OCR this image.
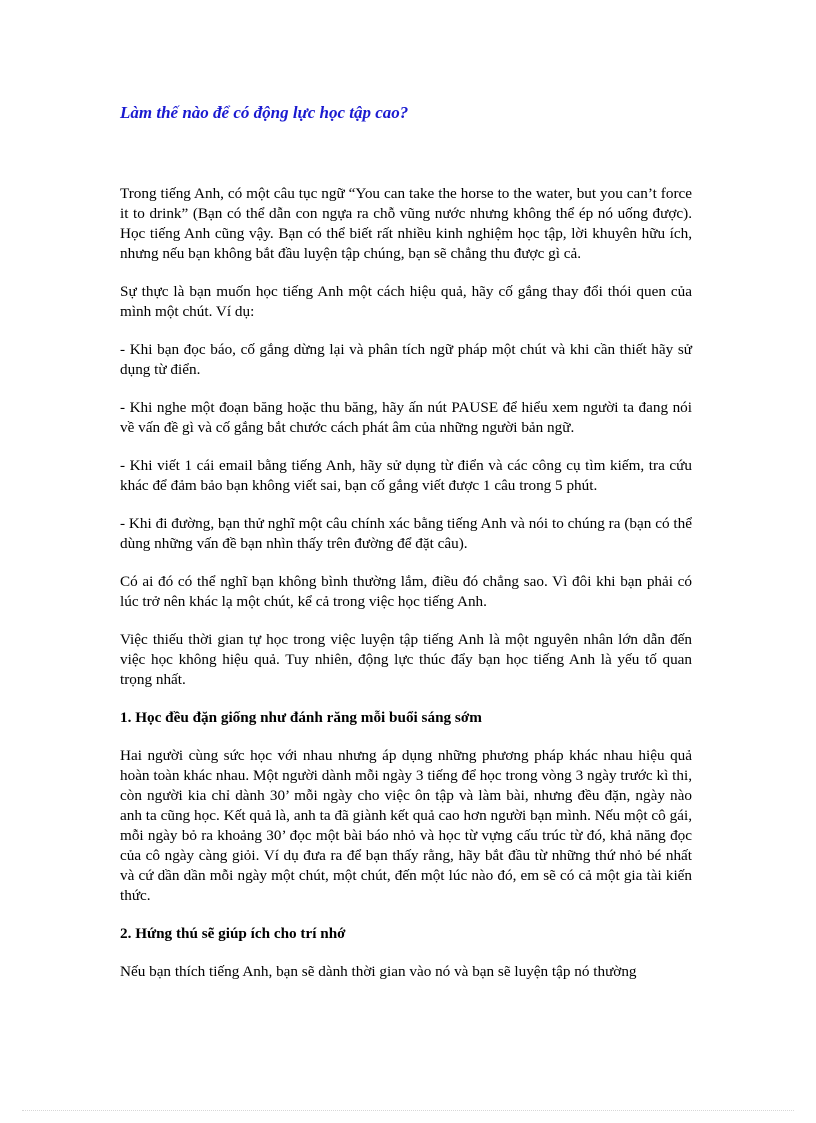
Làm thế nào để có động lực học tập cao?

Trong tiếng Anh, có một câu tục ngữ “You can take the horse to the water, but you can’t force it to drink” (Bạn có thể dẫn con ngựa ra chỗ vũng nước nhưng không thể ép nó uống được). Học tiếng Anh cũng vậy. Bạn có thể biết rất nhiều kinh nghiệm học tập, lời khuyên hữu ích, nhưng nếu bạn không bắt đầu luyện tập chúng, bạn sẽ chẳng thu được gì cả.

Sự thực là bạn muốn học tiếng Anh một cách hiệu quả, hãy cố gắng thay đổi thói quen của mình một chút. Ví dụ:

- Khi bạn đọc báo, cố gắng dừng lại và phân tích ngữ pháp một chút và khi cần thiết hãy sử dụng từ điển.

- Khi nghe một đoạn băng hoặc thu băng, hãy ấn nút PAUSE để hiểu xem người ta đang nói về vấn đề gì và cố gắng bắt chước cách phát âm của những người bản ngữ.

- Khi viết 1 cái email bằng tiếng Anh, hãy sử dụng từ điển và các công cụ tìm kiếm, tra cứu khác để đảm bảo bạn không viết sai, bạn cố gắng viết được 1 câu trong 5 phút.

- Khi đi đường, bạn thử nghĩ một câu chính xác bằng tiếng Anh và nói to chúng ra (bạn có thể dùng những vấn đề bạn nhìn thấy trên đường để đặt câu).

Có ai đó có thể nghĩ bạn không bình thường lắm, điều đó chẳng sao. Vì đôi khi bạn phải có lúc trở nên khác lạ một chút, kể cả trong việc học tiếng Anh.

Việc thiếu thời gian tự học trong việc luyện tập tiếng Anh là một nguyên nhân lớn dẫn đến việc học không hiệu quả. Tuy nhiên, động lực thúc đẩy bạn học tiếng Anh là yếu tố quan trọng nhất.

1. Học đều đặn giống như đánh răng mỗi buổi sáng sớm

Hai người cùng sức học với nhau nhưng áp dụng những phương pháp khác nhau hiệu quả hoàn toàn khác nhau. Một người dành mỗi ngày 3 tiếng để học trong vòng 3 ngày trước kì thi, còn người kia chỉ dành 30’ mỗi ngày cho việc ôn tập và làm bài, nhưng đều đặn, ngày nào anh ta cũng học. Kết quả là, anh ta đã giành kết quả cao hơn người bạn mình. Nếu một cô gái, mỗi ngày bỏ ra khoảng 30’ đọc một bài báo nhỏ và học từ vựng cấu trúc từ đó, khả năng đọc của cô ngày càng giỏi. Ví dụ đưa ra để bạn thấy rằng, hãy bắt đầu từ những thứ nhỏ bé nhất và cứ dần dần mỗi ngày một chút, một chút, đến một lúc nào đó, em sẽ có cả một gia tài kiến thức.

2. Hứng thú sẽ giúp ích cho trí nhớ

Nếu bạn thích tiếng Anh, bạn sẽ dành thời gian vào nó và bạn sẽ luyện tập nó thường
